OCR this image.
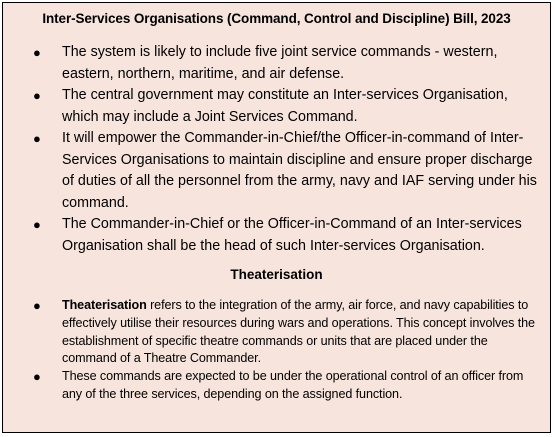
Inter-Services Organisations (Command, Control and Discipline) Bill, 2023
● The system is likely to include five joint service commands - western, eastern, northern, maritime, and air defense.
● The central government may constitute an Inter-services Organisation, which may include a Joint Services Command.
● It will empower the Commander-in-Chief/the Officer-in-command of Inter-Services Organisations to maintain discipline and ensure proper discharge of duties of all the personnel from the army, navy and IAF serving under his command.
● The Commander-in-Chief or the Officer-in-Command of an Inter-services Organisation shall be the head of such Inter-services Organisation.
Theaterisation
● Theaterisation refers to the integration of the army, air force, and navy capabilities to effectively utilise their resources during wars and operations. This concept involves the establishment of specific theatre commands or units that are placed under the command of a Theatre Commander.
● These commands are expected to be under the operational control of an officer from any of the three services, depending on the assigned function.
